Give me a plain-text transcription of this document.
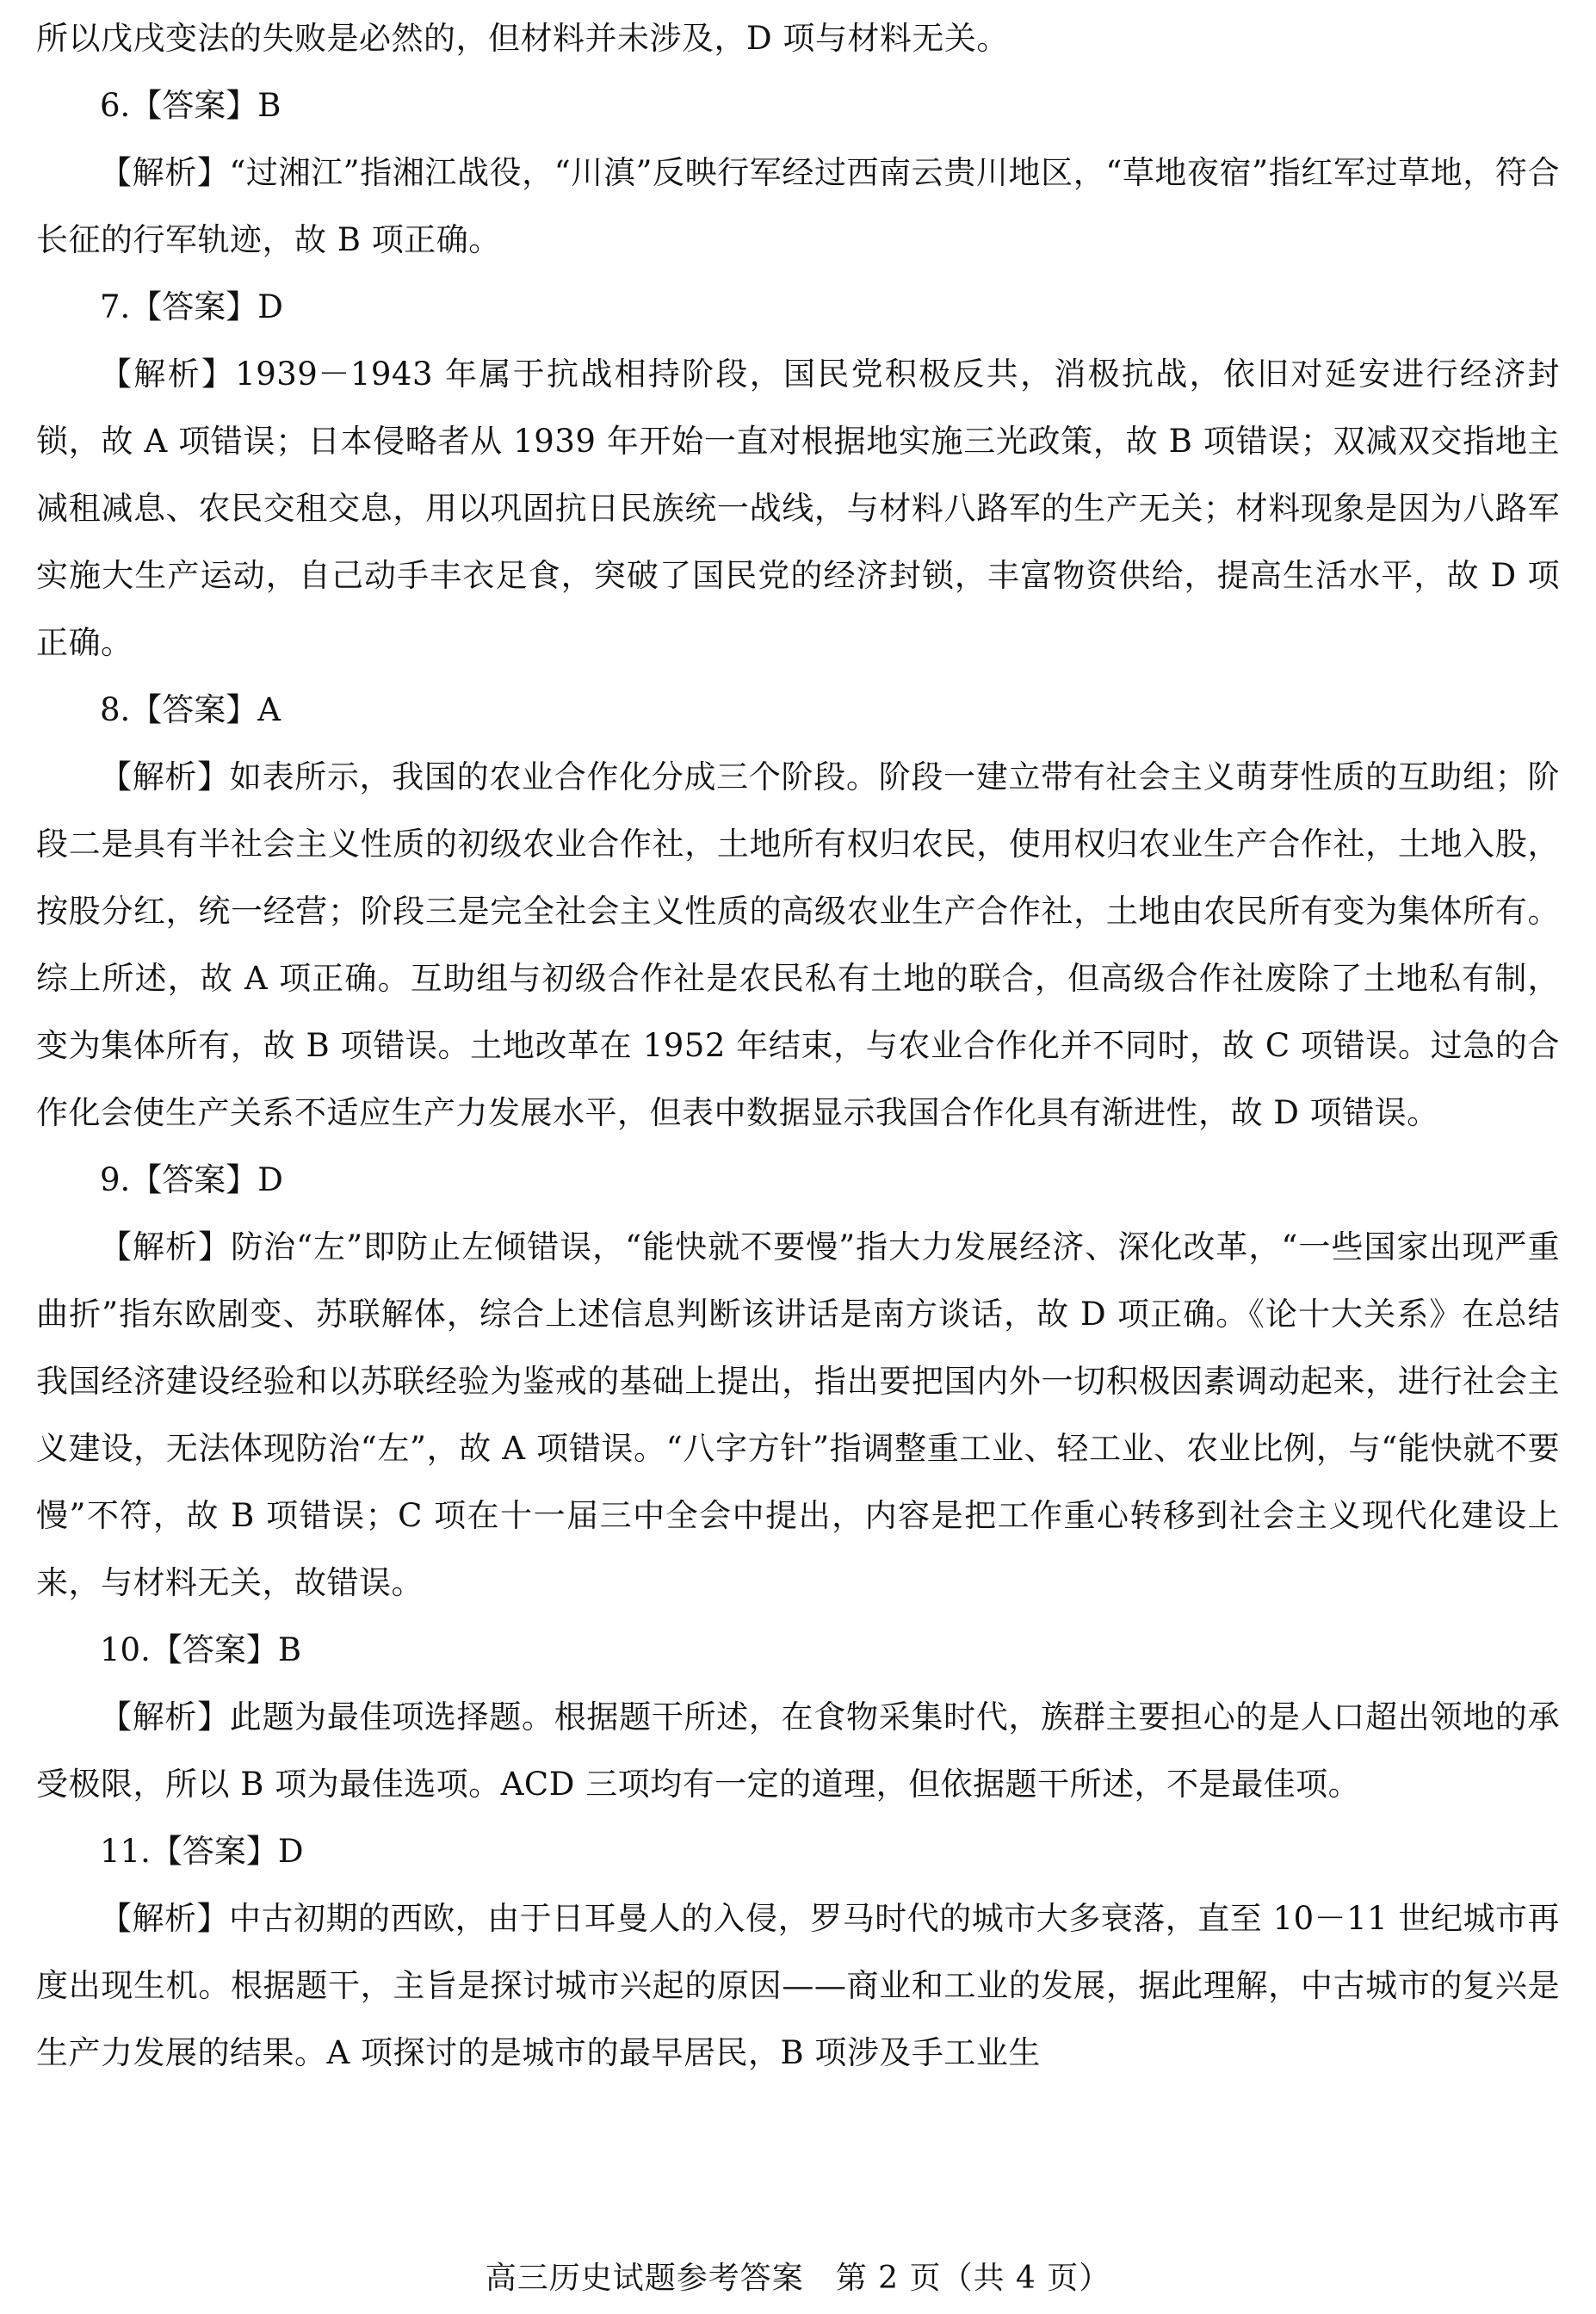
所以戊戌变法的失败是必然的，但材料并未涉及，D 项与材料无关。

6.【答案】B

【解析】“过湘江”指湘江战役，“川滇”反映行军经过西南云贵川地区，“草地夜宿”指红军过草地，符合长征的行军轨迹，故 B 项正确。

7.【答案】D

【解析】1939－1943 年属于抗战相持阶段，国民党积极反共，消极抗战，依旧对延安进行经济封锁，故 A 项错误；日本侵略者从 1939 年开始一直对根据地实施三光政策，故 B 项错误；双减双交指地主减租减息、农民交租交息，用以巩固抗日民族统一战线，与材料八路军的生产无关；材料现象是因为八路军实施大生产运动，自己动手丰衣足食，突破了国民党的经济封锁，丰富物资供给，提高生活水平，故 D 项正确。

8.【答案】A

【解析】如表所示，我国的农业合作化分成三个阶段。阶段一建立带有社会主义萌芽性质的互助组；阶段二是具有半社会主义性质的初级农业合作社，土地所有权归农民，使用权归农业生产合作社，土地入股，按股分红，统一经营；阶段三是完全社会主义性质的高级农业生产合作社，土地由农民所有变为集体所有。综上所述，故 A 项正确。互助组与初级合作社是农民私有土地的联合，但高级合作社废除了土地私有制，变为集体所有，故 B 项错误。土地改革在 1952 年结束，与农业合作化并不同时，故 C 项错误。过急的合作化会使生产关系不适应生产力发展水平，但表中数据显示我国合作化具有渐进性，故 D 项错误。

9.【答案】D

【解析】防治“左”即防止左倾错误，“能快就不要慢”指大力发展经济、深化改革，“一些国家出现严重曲折”指东欧剧变、苏联解体，综合上述信息判断该讲话是南方谈话，故 D 项正确。《论十大关系》在总结我国经济建设经验和以苏联经验为鉴戒的基础上提出，指出要把国内外一切积极因素调动起来，进行社会主义建设，无法体现防治“左”，故 A 项错误。“八字方针”指调整重工业、轻工业、农业比例，与“能快就不要慢”不符，故 B 项错误；C 项在十一届三中全会中提出，内容是把工作重心转移到社会主义现代化建设上来，与材料无关，故错误。

10.【答案】B

【解析】此题为最佳项选择题。根据题干所述，在食物采集时代，族群主要担心的是人口超出领地的承受极限，所以 B 项为最佳选项。ACD 三项均有一定的道理，但依据题干所述，不是最佳项。

11.【答案】D

【解析】中古初期的西欧，由于日耳曼人的入侵，罗马时代的城市大多衰落，直至 10－11 世纪城市再度出现生机。根据题干，主旨是探讨城市兴起的原因——商业和工业的发展，据此理解，中古城市的复兴是生产力发展的结果。A 项探讨的是城市的最早居民，B 项涉及手工业生

高三历史试题参考答案　第 2 页（共 4 页）
